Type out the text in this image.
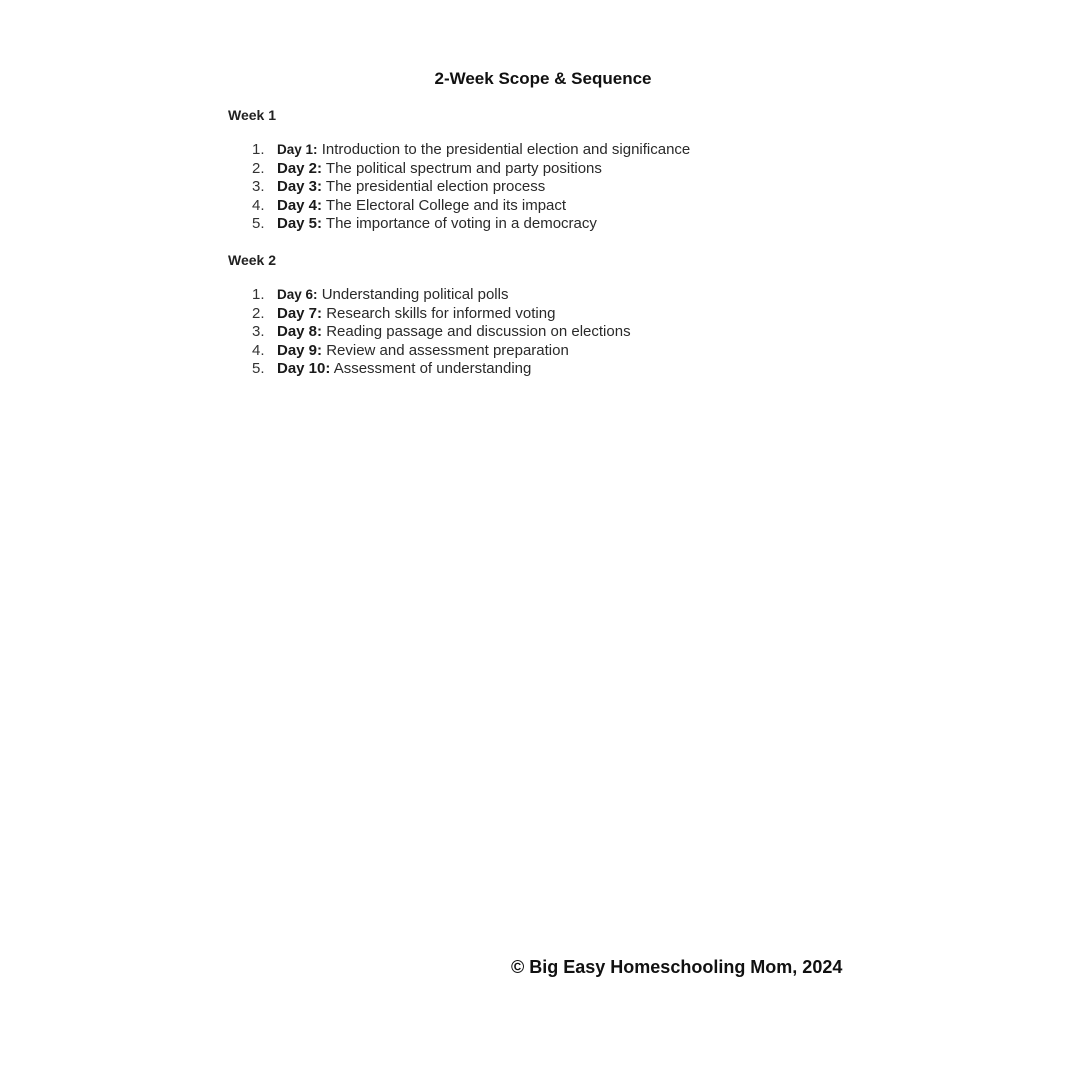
2-Week Scope & Sequence
Week 1
1. Day 1: Introduction to the presidential election and significance
2. Day 2: The political spectrum and party positions
3. Day 3: The presidential election process
4. Day 4: The Electoral College and its impact
5. Day 5: The importance of voting in a democracy
Week 2
1. Day 6: Understanding political polls
2. Day 7: Research skills for informed voting
3. Day 8: Reading passage and discussion on elections
4. Day 9: Review and assessment preparation
5. Day 10: Assessment of understanding

© Big Easy Homeschooling Mom, 2024
